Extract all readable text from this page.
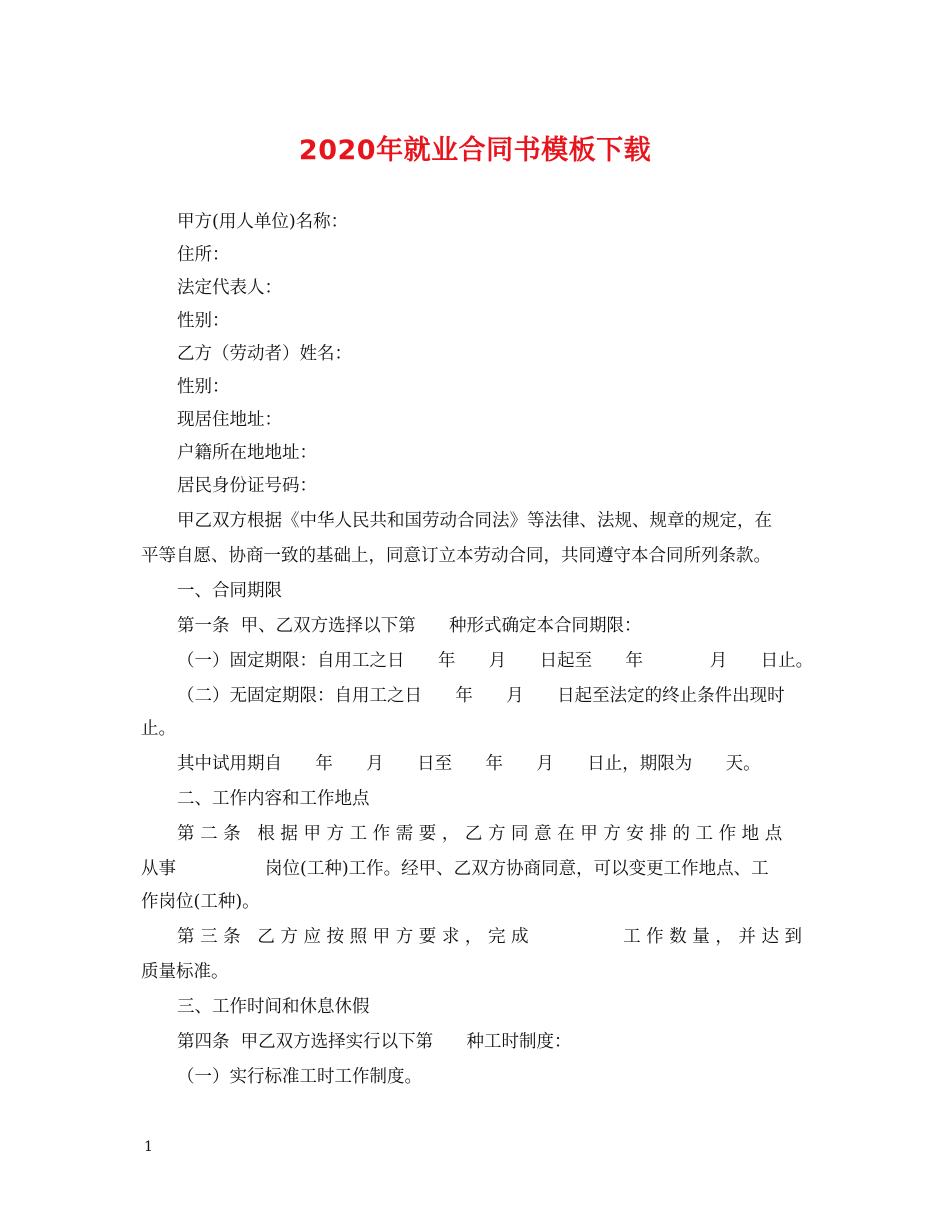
2020年就业合同书模板下载
甲方(用人单位)名称：
住所：
法定代表人：
性别：
乙方（劳动者）姓名：
性别：
现居住地址：
户籍所在地地址：
居民身份证号码：
甲乙双方根据《中华人民共和国劳动合同法》等法律、法规、规章的规定，在
平等自愿、协商一致的基础上，同意订立本劳动合同，共同遵守本合同所列条款。
一、合同期限
第一条  甲、乙双方选择以下第      种形式确定本合同期限：
（一）固定期限：自用工之日      年      月      日起至      年            月      日止。
（二）无固定期限：自用工之日      年      月      日起至法定的终止条件出现时
止。
其中试用期自      年      月      日至      年      月      日止，期限为      天。
二、工作内容和工作地点
第 二 条   根 据 甲 方 工 作 需 要 ， 乙 方 同 意 在 甲 方 安 排 的 工 作 地 点
从事                岗位(工种)工作。经甲、乙双方协商同意，可以变更工作地点、工
作岗位(工种)。
第 三 条   乙 方 应 按 照 甲 方 要 求 ， 完 成                 工 作 数 量 ， 并 达 到
质量标准。
三、工作时间和休息休假
第四条  甲乙双方选择实行以下第      种工时制度：
（一）实行标准工时工作制度。
1
